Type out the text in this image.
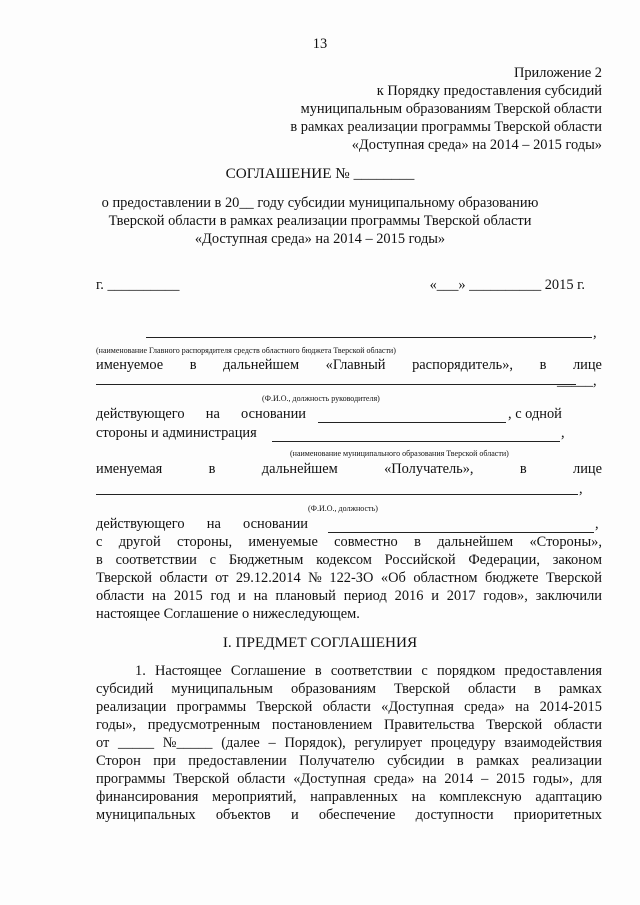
13
Приложение 2
к Порядку предоставления субсидий
муниципальным образованиям Тверской области
в рамках реализации программы Тверской области
«Доступная среда» на 2014 – 2015 годы»
СОГЛАШЕНИЕ № ________
о предоставлении в 20__ году субсидии муниципальному образованию
Тверской области в рамках реализации программы Тверской области
«Доступная среда» на 2014 – 2015 годы»
г. __________	«___» __________ 2015 г.
,
(наименование Главного распорядителя средств областного бюджета Тверской области)
именуемое в дальнейшем «Главный распорядитель», в лице
_____,
(Ф.И.О., должность руководителя)
действующего на основании	, с одной
стороны и администрация	,
(наименование муниципального образования Тверской области)
именуемая	в	дальнейшем	«Получатель»,	в	лице
,
(Ф.И.О., должность)
действующего на основании	,
с другой стороны, именуемые совместно в дальнейшем «Стороны»,
в соответствии с Бюджетным кодексом Российской Федерации, законом
Тверской области от 29.12.2014 № 122-ЗО «Об областном бюджете Тверской
области на 2015 год и на плановый период 2016 и 2017 годов», заключили
настоящее Соглашение о нижеследующем.
I. ПРЕДМЕТ СОГЛАШЕНИЯ
1. Настоящее Соглашение в соответствии с порядком предоставления
субсидий муниципальным образованиям Тверской области в рамках
реализации программы Тверской области «Доступная среда» на 2014-2015
годы», предусмотренным постановлением Правительства Тверской области
от _____ №_____ (далее – Порядок), регулирует процедуру взаимодействия
Сторон при предоставлении Получателю субсидии в рамках реализации
программы Тверской области «Доступная среда» на 2014 – 2015 годы», для
финансирования мероприятий, направленных на комплексную адаптацию
муниципальных объектов и обеспечение доступности приоритетных
